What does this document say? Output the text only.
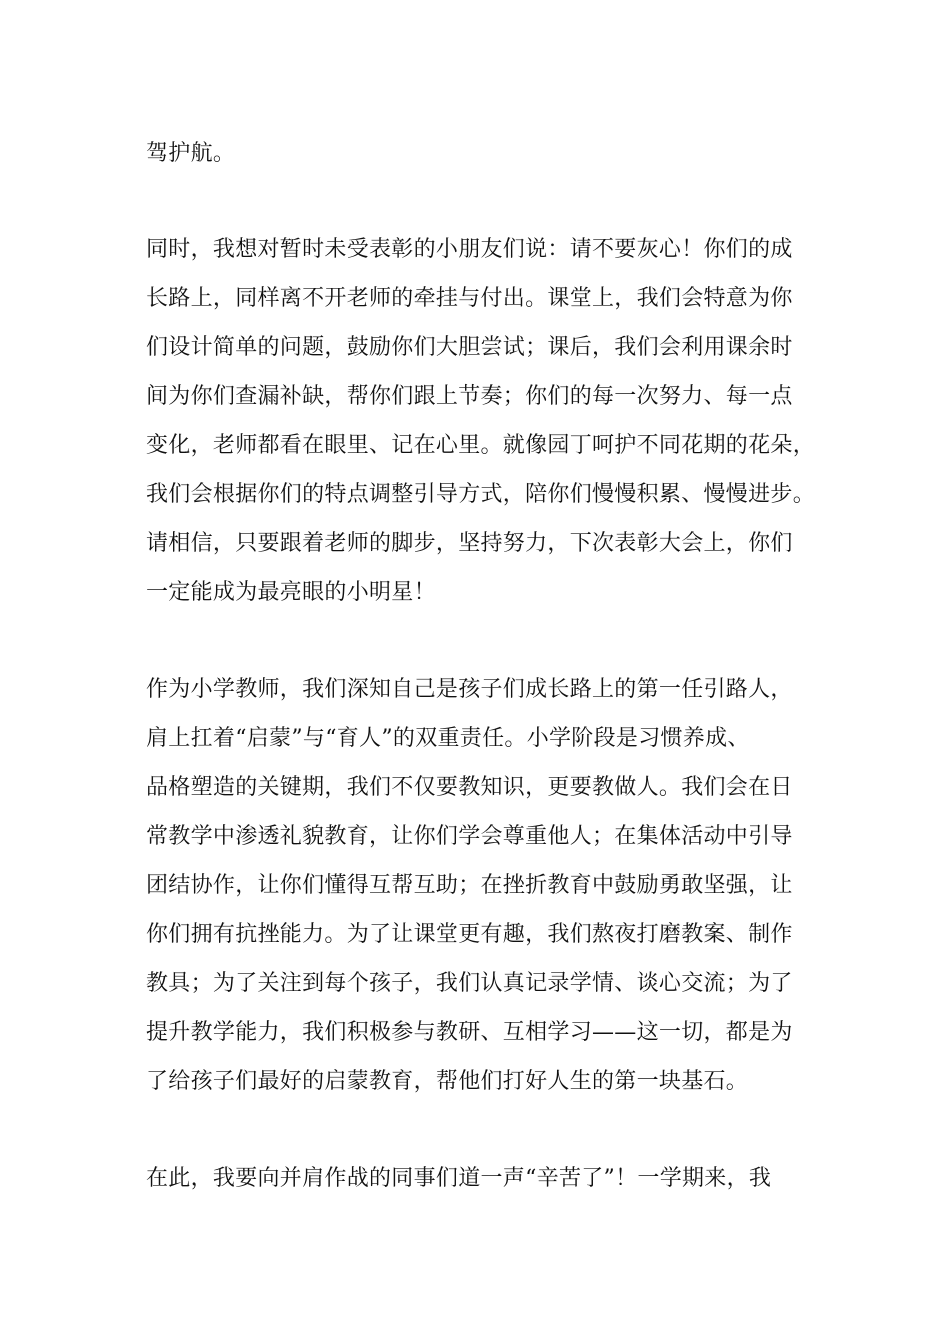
驾护航。
同时，我想对暂时未受表彰的小朋友们说：请不要灰心！你们的成
长路上，同样离不开老师的牵挂与付出。课堂上，我们会特意为你
们设计简单的问题，鼓励你们大胆尝试；课后，我们会利用课余时
间为你们查漏补缺，帮你们跟上节奏；你们的每一次努力、每一点
变化，老师都看在眼里、记在心里。就像园丁呵护不同花期的花朵，
我们会根据你们的特点调整引导方式，陪你们慢慢积累、慢慢进步。
请相信，只要跟着老师的脚步，坚持努力，下次表彰大会上，你们
一定能成为最亮眼的小明星！
作为小学教师，我们深知自己是孩子们成长路上的第一任引路人，
肩上扛着“启蒙”与“育人”的双重责任。小学阶段是习惯养成、
品格塑造的关键期，我们不仅要教知识，更要教做人。我们会在日
常教学中渗透礼貌教育，让你们学会尊重他人；在集体活动中引导
团结协作，让你们懂得互帮互助；在挫折教育中鼓励勇敢坚强，让
你们拥有抗挫能力。为了让课堂更有趣，我们熬夜打磨教案、制作
教具；为了关注到每个孩子，我们认真记录学情、谈心交流；为了
提升教学能力，我们积极参与教研、互相学习——这一切，都是为
了给孩子们最好的启蒙教育，帮他们打好人生的第一块基石。
在此，我要向并肩作战的同事们道一声“辛苦了”！一学期来，我
